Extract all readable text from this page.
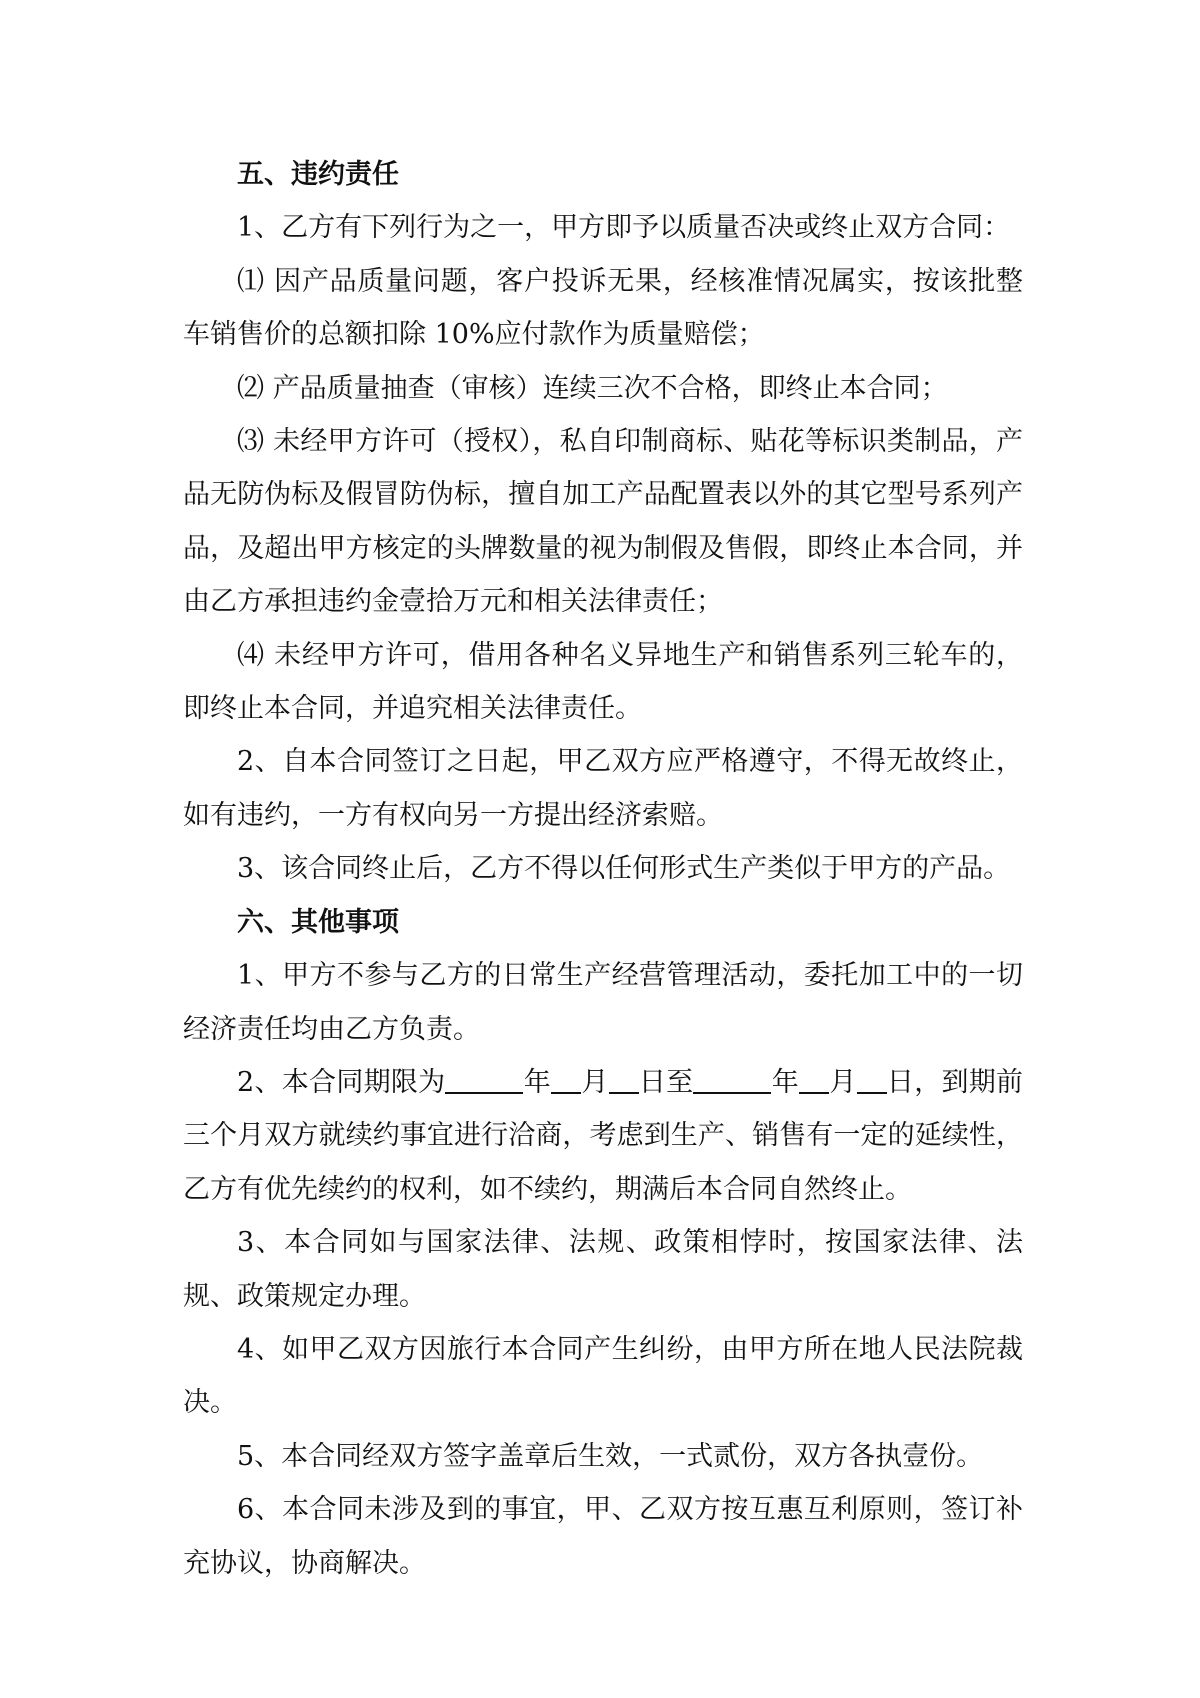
五、违约责任

1、乙方有下列行为之一，甲方即予以质量否决或终止双方合同：

⑴ 因产品质量问题，客户投诉无果，经核准情况属实，按该批整车销售价的总额扣除 10%应付款作为质量赔偿；

⑵ 产品质量抽查（审核）连续三次不合格，即终止本合同；

⑶ 未经甲方许可（授权），私自印制商标、贴花等标识类制品，产品无防伪标及假冒防伪标，擅自加工产品配置表以外的其它型号系列产品，及超出甲方核定的头牌数量的视为制假及售假，即终止本合同，并由乙方承担违约金壹拾万元和相关法律责任；

⑷ 未经甲方许可，借用各种名义异地生产和销售系列三轮车的，即终止本合同，并追究相关法律责任。

2、自本合同签订之日起，甲乙双方应严格遵守，不得无故终止，如有违约，一方有权向另一方提出经济索赔。

3、该合同终止后，乙方不得以任何形式生产类似于甲方的产品。

六、其他事项

1、甲方不参与乙方的日常生产经营管理活动，委托加工中的一切经济责任均由乙方负责。

2、本合同期限为	年 月 日至	年 月 日，到期前三个月双方就续约事宜进行洽商，考虑到生产、销售有一定的延续性，乙方有优先续约的权利，如不续约，期满后本合同自然终止。

3、本合同如与国家法律、法规、政策相悖时，按国家法律、法规、政策规定办理。

4、如甲乙双方因旅行本合同产生纠纷，由甲方所在地人民法院裁决。

5、本合同经双方签字盖章后生效，一式贰份，双方各执壹份。

6、本合同未涉及到的事宜，甲、乙双方按互惠互利原则，签订补充协议，协商解决。
